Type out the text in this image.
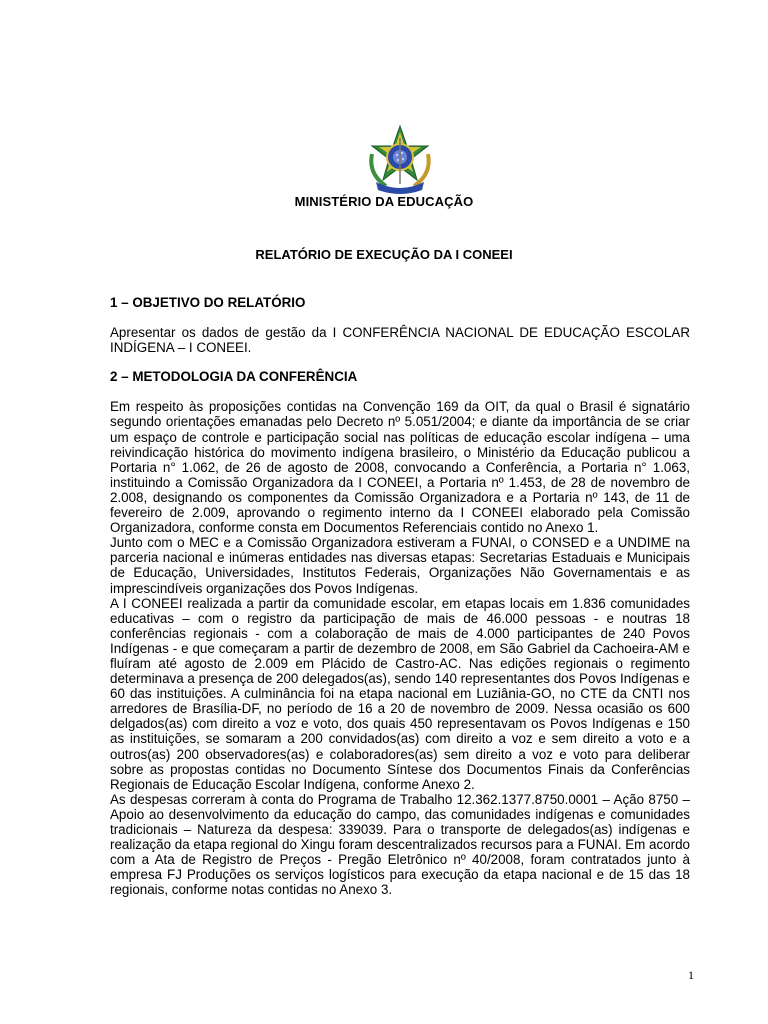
MINISTÉRIO DA EDUCAÇÃO
RELATÓRIO DE EXECUÇÃO DA I CONEEI

1 – OBJETIVO DO RELATÓRIO

Apresentar os dados de gestão da I CONFERÊNCIA NACIONAL DE EDUCAÇÃO ESCOLAR INDÍGENA – I CONEEI.

2 – METODOLOGIA DA CONFERÊNCIA

Em respeito às proposições contidas na Convenção 169 da OIT, da qual o Brasil é signatário segundo orientações emanadas pelo Decreto nº 5.051/2004; e diante da importância de se criar um espaço de controle e participação social nas políticas de educação escolar indígena – uma reivindicação histórica do movimento indígena brasileiro, o Ministério da Educação publicou a Portaria n° 1.062, de 26 de agosto de 2008, convocando a Conferência, a Portaria n° 1.063, instituindo a Comissão Organizadora da I CONEEI, a Portaria nº 1.453, de 28 de novembro de 2.008, designando os componentes da Comissão Organizadora e a Portaria nº 143, de 11 de fevereiro de 2.009, aprovando o regimento interno da I CONEEI elaborado pela Comissão Organizadora, conforme consta em Documentos Referenciais contido no Anexo 1.

Junto com o MEC e a Comissão Organizadora estiveram a FUNAI, o CONSED e a UNDIME na parceria nacional e inúmeras entidades nas diversas etapas: Secretarias Estaduais e Municipais de Educação, Universidades, Institutos Federais, Organizações Não Governamentais e as imprescindíveis organizações dos Povos Indígenas.

A I CONEEI realizada a partir da comunidade escolar, em etapas locais em 1.836 comunidades educativas – com o registro da participação de mais de 46.000 pessoas - e noutras 18 conferências regionais - com a colaboração de mais de 4.000 participantes de 240 Povos Indígenas - e que começaram a partir de dezembro de 2008, em São Gabriel da Cachoeira-AM e fluíram até agosto de 2.009 em Plácido de Castro-AC. Nas edições regionais o regimento determinava a presença de 200 delegados(as), sendo 140 representantes dos Povos Indígenas e 60 das instituições. A culminância foi na etapa nacional em Luziânia-GO, no CTE da CNTI nos arredores de Brasília-DF, no período de 16 a 20 de novembro de 2009. Nessa ocasião os 600 delgados(as) com direito a voz e voto, dos quais 450 representavam os Povos Indígenas e 150 as instituições, se somaram a 200 convidados(as) com direito a voz e sem direito a voto e a outros(as) 200 observadores(as) e colaboradores(as) sem direito a voz e voto para deliberar sobre as propostas contidas no Documento Síntese dos Documentos Finais da Conferências Regionais de Educação Escolar Indígena, conforme Anexo 2.

As despesas correram à conta do Programa de Trabalho 12.362.1377.8750.0001 – Ação 8750 – Apoio ao desenvolvimento da educação do campo, das comunidades indígenas e comunidades tradicionais – Natureza da despesa: 339039. Para o transporte de delegados(as) indígenas e realização da etapa regional do Xingu foram descentralizados recursos para a FUNAI. Em acordo com a Ata de Registro de Preços - Pregão Eletrônico nº 40/2008, foram contratados junto à empresa FJ Produções os serviços logísticos para execução da etapa nacional e de 15 das 18 regionais, conforme notas contidas no Anexo 3.

1
